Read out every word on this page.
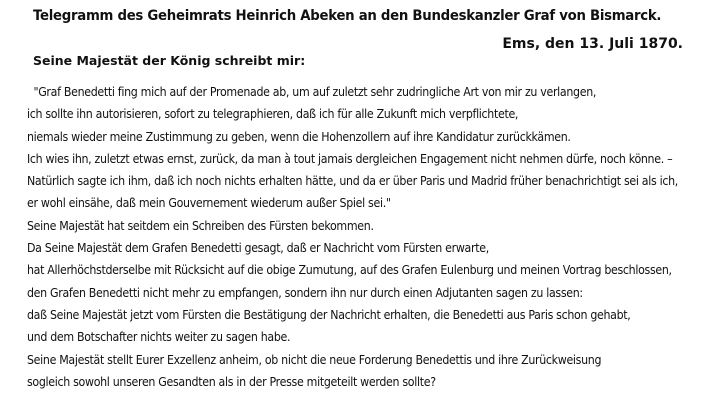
Telegramm des Geheimrats Heinrich Abeken an den Bundeskanzler Graf von Bismarck.
Ems, den 13. Juli 1870.
Seine Majestät der König schreibt mir:
"Graf Benedetti fing mich auf der Promenade ab, um auf zuletzt sehr zudringliche Art von mir zu verlangen,
ich sollte ihn autorisieren, sofort zu telegraphieren, daß ich für alle Zukunft mich verpflichtete,
niemals wieder meine Zustimmung zu geben, wenn die Hohenzollern auf ihre Kandidatur zurückkämen.
Ich wies ihn, zuletzt etwas ernst, zurück, da man à tout jamais dergleichen Engagement nicht nehmen dürfe, noch könne. –
Natürlich sagte ich ihm, daß ich noch nichts erhalten hätte, und da er über Paris und Madrid früher benachrichtigt sei als ich,
er wohl einsähe, daß mein Gouvernement wiederum außer Spiel sei."
Seine Majestät hat seitdem ein Schreiben des Fürsten bekommen.
Da Seine Majestät dem Grafen Benedetti gesagt, daß er Nachricht vom Fürsten erwarte,
hat Allerhöchstderselbe mit Rücksicht auf die obige Zumutung, auf des Grafen Eulenburg und meinen Vortrag beschlossen,
den Grafen Benedetti nicht mehr zu empfangen, sondern ihn nur durch einen Adjutanten sagen zu lassen:
daß Seine Majestät jetzt vom Fürsten die Bestätigung der Nachricht erhalten, die Benedetti aus Paris schon gehabt,
und dem Botschafter nichts weiter zu sagen habe.
Seine Majestät stellt Eurer Exzellenz anheim, ob nicht die neue Forderung Benedettis und ihre Zurückweisung
sogleich sowohl unseren Gesandten als in der Presse mitgeteilt werden sollte?
